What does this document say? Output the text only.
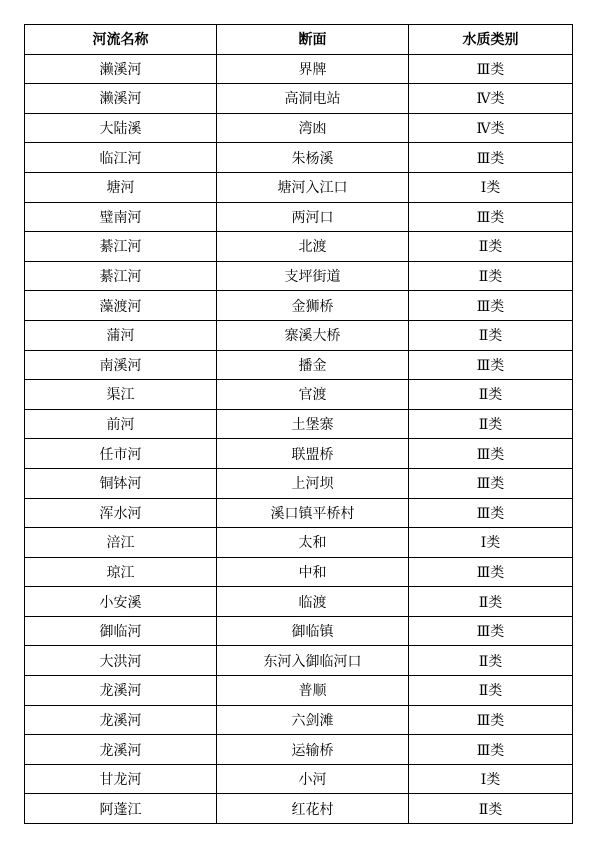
河流名称	断面	水质类别
濑溪河	界牌	Ⅲ类
濑溪河	高洞电站	Ⅳ类
大陆溪	湾凼	Ⅳ类
临江河	朱杨溪	Ⅲ类
塘河	塘河入江口	Ⅰ类
璧南河	两河口	Ⅲ类
綦江河	北渡	Ⅱ类
綦江河	支坪街道	Ⅱ类
藻渡河	金狮桥	Ⅲ类
蒲河	寨溪大桥	Ⅱ类
南溪河	播金	Ⅲ类
渠江	官渡	Ⅱ类
前河	土堡寨	Ⅱ类
任市河	联盟桥	Ⅲ类
铜钵河	上河坝	Ⅲ类
浑水河	溪口镇平桥村	Ⅲ类
涪江	太和	Ⅰ类
琼江	中和	Ⅲ类
小安溪	临渡	Ⅱ类
御临河	御临镇	Ⅲ类
大洪河	东河入御临河口	Ⅱ类
龙溪河	普顺	Ⅱ类
龙溪河	六剑滩	Ⅲ类
龙溪河	运输桥	Ⅲ类
甘龙河	小河	Ⅰ类
阿蓬江	红花村	Ⅱ类
